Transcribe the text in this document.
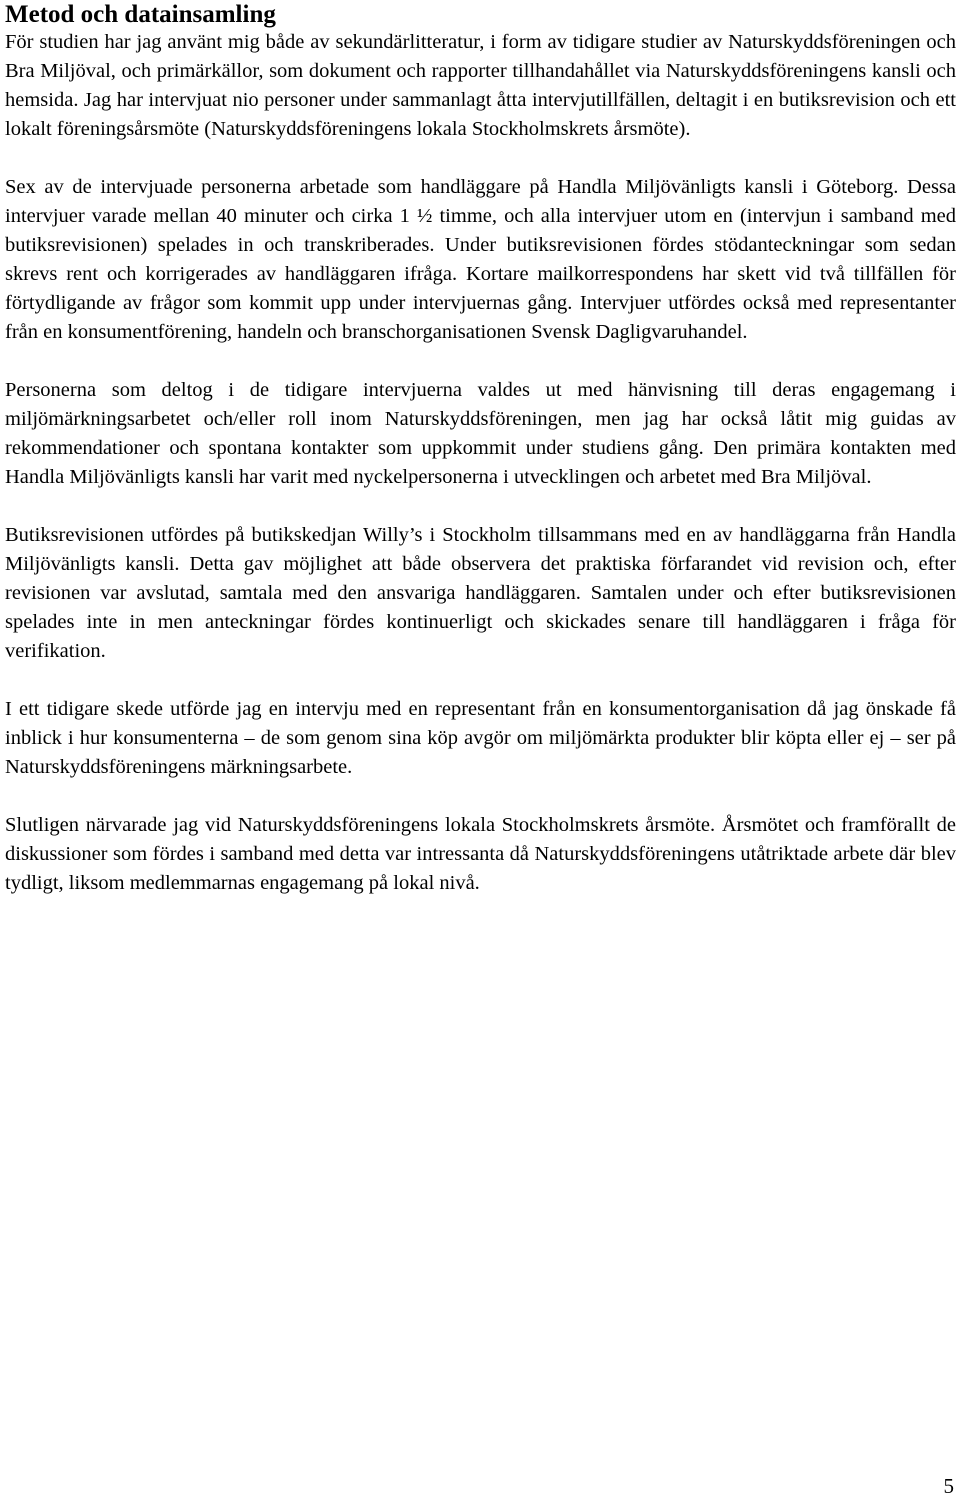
Metod och datainsamling

För studien har jag använt mig både av sekundärlitteratur, i form av tidigare studier av Naturskyddsföreningen och Bra Miljöval, och primärkällor, som dokument och rapporter tillhandahållet via Naturskyddsföreningens kansli och hemsida. Jag har intervjuat nio personer under sammanlagt åtta intervjutillfällen, deltagit i en butiksrevision och ett lokalt föreningsårsmöte (Naturskyddsföreningens lokala Stockholmskrets årsmöte).

Sex av de intervjuade personerna arbetade som handläggare på Handla Miljövänligts kansli i Göteborg. Dessa intervjuer varade mellan 40 minuter och cirka 1 ½ timme, och alla intervjuer utom en (intervjun i samband med butiksrevisionen) spelades in och transkriberades. Under butiksrevisionen fördes stödanteckningar som sedan skrevs rent och korrigerades av handläggaren ifråga. Kortare mailkorrespondens har skett vid två tillfällen för förtydligande av frågor som kommit upp under intervjuernas gång. Intervjuer utfördes också med representanter från en konsumentförening, handeln och branschorganisationen Svensk Dagligvaruhandel.

Personerna som deltog i de tidigare intervjuerna valdes ut med hänvisning till deras engagemang i miljömärkningsarbetet och/eller roll inom Naturskyddsföreningen, men jag har också låtit mig guidas av rekommendationer och spontana kontakter som uppkommit under studiens gång. Den primära kontakten med Handla Miljövänligts kansli har varit med nyckelpersonerna i utvecklingen och arbetet med Bra Miljöval.

Butiksrevisionen utfördes på butikskedjan Willy’s i Stockholm tillsammans med en av handläggarna från Handla Miljövänligts kansli. Detta gav möjlighet att både observera det praktiska förfarandet vid revision och, efter revisionen var avslutad, samtala med den ansvariga handläggaren. Samtalen under och efter butiksrevisionen spelades inte in men anteckningar fördes kontinuerligt och skickades senare till handläggaren i fråga för verifikation.

I ett tidigare skede utförde jag en intervju med en representant från en konsumentorganisation då jag önskade få inblick i hur konsumenterna – de som genom sina köp avgör om miljömärkta produkter blir köpta eller ej – ser på Naturskyddsföreningens märkningsarbete.

Slutligen närvarade jag vid Naturskyddsföreningens lokala Stockholmskrets årsmöte. Årsmötet och framförallt de diskussioner som fördes i samband med detta var intressanta då Naturskyddsföreningens utåtriktade arbete där blev tydligt, liksom medlemmarnas engagemang på lokal nivå.

5
